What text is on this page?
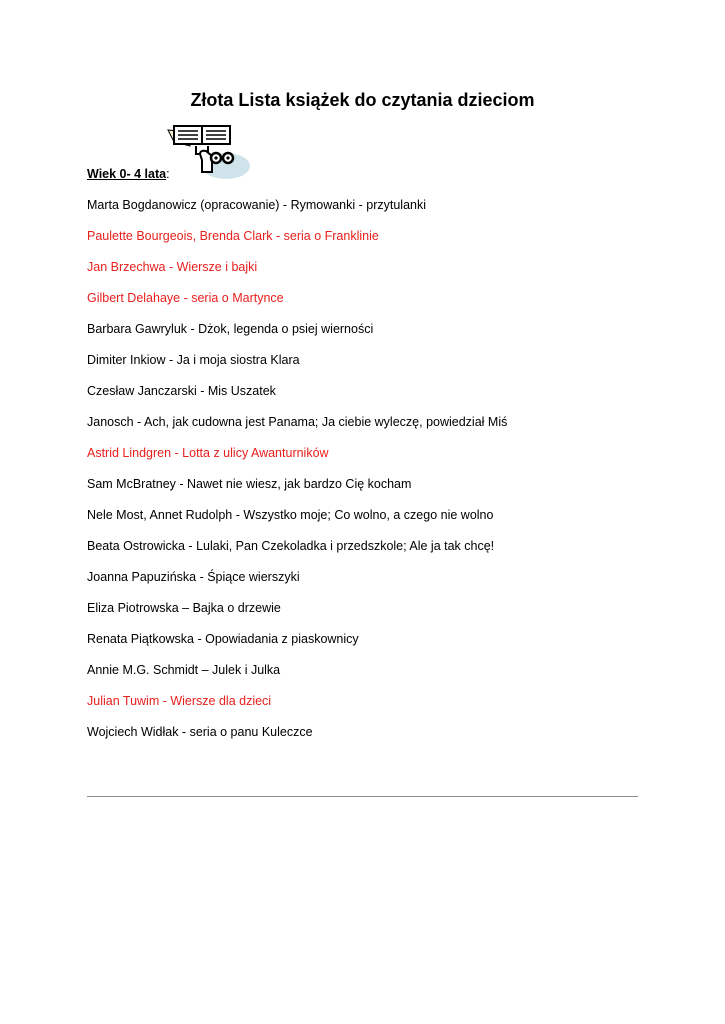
Złota Lista książek do czytania dzieciom
Wiek 0- 4 lata:
Marta Bogdanowicz (opracowanie) - Rymowanki - przytulanki
Paulette Bourgeois, Brenda Clark - seria o Franklinie
Jan Brzechwa - Wiersze i bajki
Gilbert Delahaye - seria o Martynce
Barbara Gawryluk - Dżok, legenda o psiej wierności
Dimiter Inkiow - Ja i moja siostra Klara
Czesław Janczarski - Mis Uszatek
Janosch - Ach, jak cudowna jest Panama; Ja ciebie wyleczę, powiedział Miś
Astrid Lindgren - Lotta z ulicy Awanturników
Sam McBratney - Nawet nie wiesz, jak bardzo Cię kocham
Nele Most, Annet Rudolph - Wszystko moje; Co wolno, a czego nie wolno
Beata Ostrowicka - Lulaki, Pan Czekoladka i przedszkole; Ale ja tak chcę!
Joanna Papuzińska - Śpiące wierszyki
Eliza Piotrowska – Bajka o drzewie
Renata Piątkowska - Opowiadania z piaskownicy
Annie M.G. Schmidt – Julek i Julka
Julian Tuwim - Wiersze dla dzieci
Wojciech Widłak - seria o panu Kuleczce
